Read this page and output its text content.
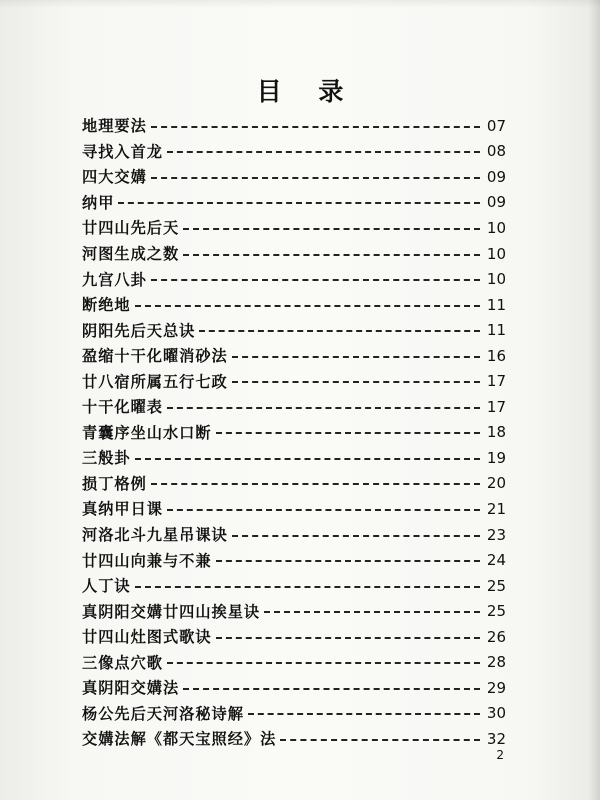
目 录
地理要法	07
寻找入首龙	08
四大交媾	09
纳甲	09
廿四山先后天	10
河图生成之数	10
九宫八卦	10
断绝地	11
阴阳先后天总诀	11
盈缩十干化曜消砂法	16
廿八宿所属五行七政	17
十干化曜表	17
青囊序坐山水口断	18
三般卦	19
损丁格例	20
真纳甲日课	21
河洛北斗九星吊课诀	23
廿四山向兼与不兼	24
人丁诀	25
真阴阳交媾廿四山挨星诀	25
廿四山灶图式歌诀	26
三像点穴歌	28
真阴阳交媾法	29
杨公先后天河洛秘诗解	30
交媾法解《都天宝照经》法	32
2
